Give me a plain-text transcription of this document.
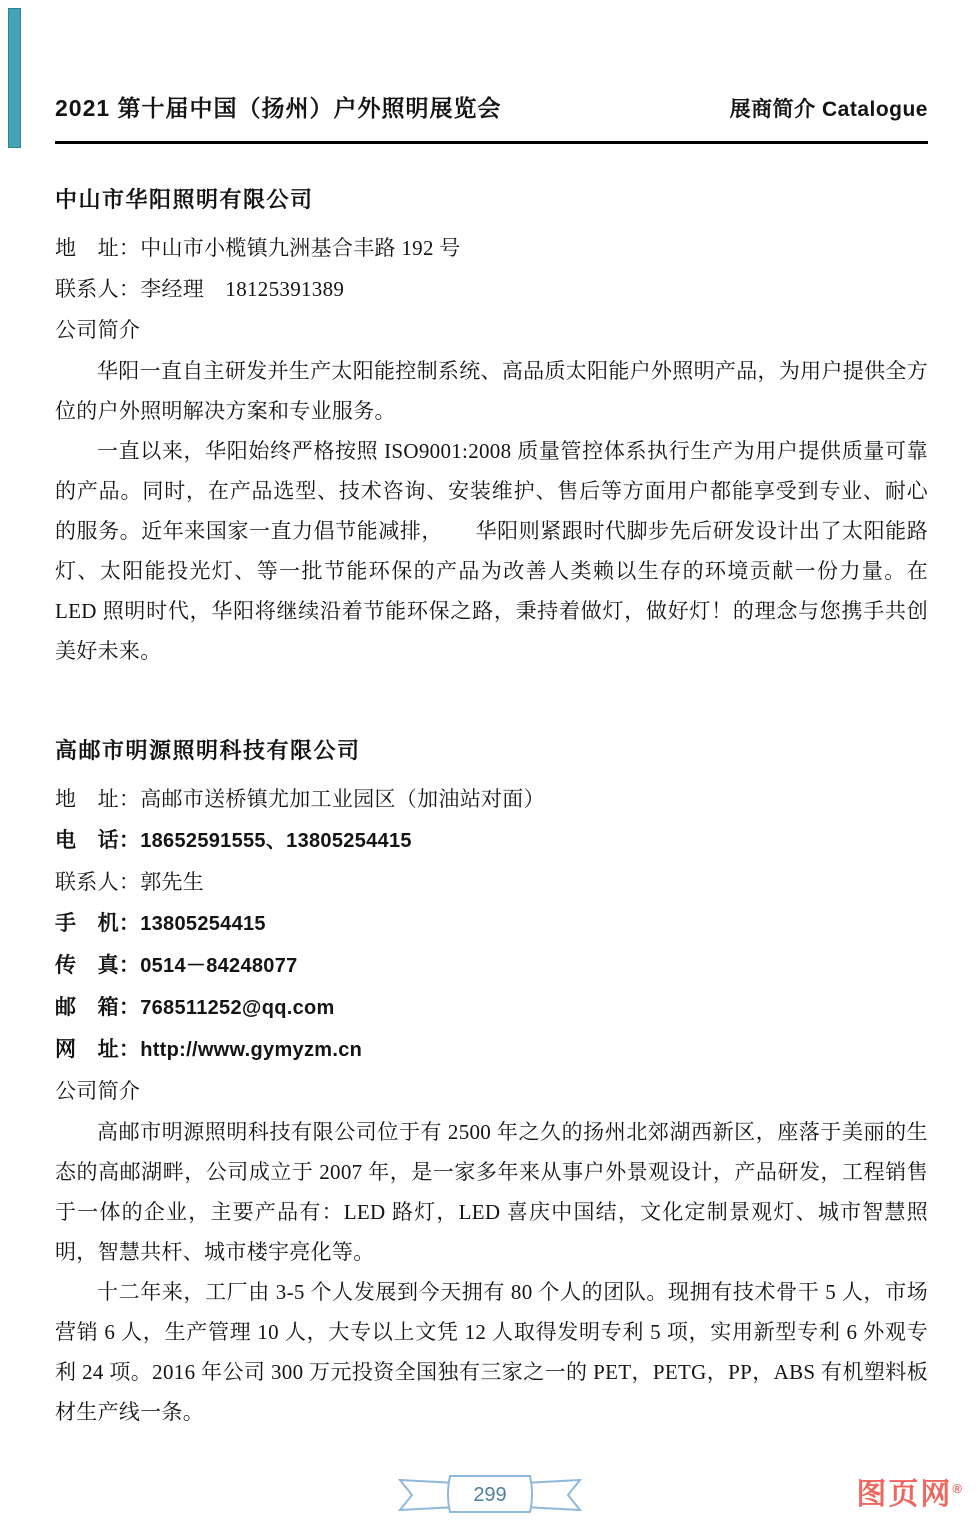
2021 第十届中国（扬州）户外照明展览会	展商简介 Catalogue
中山市华阳照明有限公司
地　址：中山市小榄镇九洲基合丰路 192 号
联系人：李经理　18125391389
公司简介

华阳一直自主研发并生产太阳能控制系统、高品质太阳能户外照明产品，为用户提供全方位的户外照明解决方案和专业服务。

一直以来，华阳始终严格按照 ISO9001:2008 质量管控体系执行生产为用户提供质量可靠的产品。同时，在产品选型、技术咨询、安装维护、售后等方面用户都能享受到专业、耐心的服务。近年来国家一直力倡节能减排，　　华阳则紧跟时代脚步先后研发设计出了太阳能路灯、太阳能投光灯、等一批节能环保的产品为改善人类赖以生存的环境贡献一份力量。在 LED 照明时代，华阳将继续沿着节能环保之路，秉持着做灯，做好灯！的理念与您携手共创美好未来。

高邮市明源照明科技有限公司
地　址：高邮市送桥镇尤加工业园区（加油站对面）
电　话：18652591555、13805254415
联系人：郭先生
手　机：13805254415
传　真：0514－84248077
邮　箱：768511252@qq.com
网　址：http://www.gymyzm.cn
公司简介

高邮市明源照明科技有限公司位于有 2500 年之久的扬州北郊湖西新区，座落于美丽的生态的高邮湖畔，公司成立于 2007 年，是一家多年来从事户外景观设计，产品研发，工程销售于一体的企业，主要产品有：LED 路灯，LED 喜庆中国结，文化定制景观灯、城市智慧照明，智慧共杆、城市楼宇亮化等。

十二年来，工厂由 3-5 个人发展到今天拥有 80 个人的团队。现拥有技术骨干 5 人，市场营销 6 人，生产管理 10 人，大专以上文凭 12 人取得发明专利 5 项，实用新型专利 6 外观专利 24 项。2016 年公司 300 万元投资全国独有三家之一的 PET，PETG，PP，ABS 有机塑料板材生产线一条。

299	图页网®
